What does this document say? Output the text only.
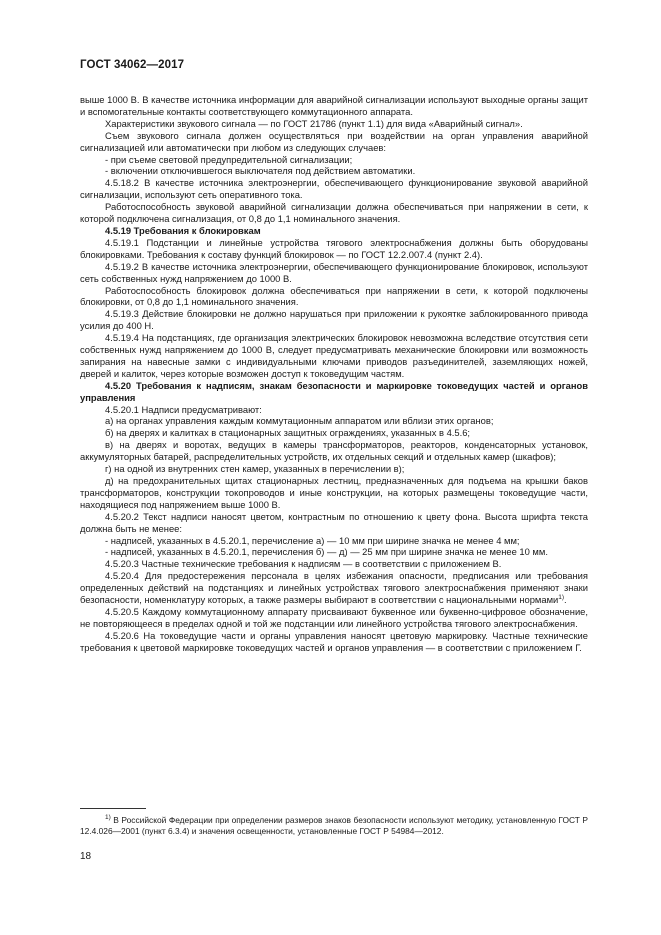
ГОСТ 34062—2017

выше 1000 В. В качестве источника информации для аварийной сигнализации используют выходные органы защит и вспомогательные контакты соответствующего коммутационного аппарата.

Характеристики звукового сигнала — по ГОСТ 21786 (пункт 1.1) для вида «Аварийный сигнал».

Съем звукового сигнала должен осуществляться при воздействии на орган управления аварийной сигнализацией или автоматически при любом из следующих случаев:

- при съеме световой предупредительной сигнализации;

- включении отключившегося выключателя под действием автоматики.

4.5.18.2 В качестве источника электроэнергии, обеспечивающего функционирование звуковой аварийной сигнализации, используют сеть оперативного тока.

Работоспособность звуковой аварийной сигнализации должна обеспечиваться при напряжении в сети, к которой подключена сигнализация, от 0,8 до 1,1 номинального значения.

4.5.19 Требования к блокировкам

4.5.19.1 Подстанции и линейные устройства тягового электроснабжения должны быть оборудованы блокировками. Требования к составу функций блокировок — по ГОСТ 12.2.007.4 (пункт 2.4).

4.5.19.2 В качестве источника электроэнергии, обеспечивающего функционирование блокировок, используют сеть собственных нужд напряжением до 1000 В.

Работоспособность блокировок должна обеспечиваться при напряжении в сети, к которой подключены блокировки, от 0,8 до 1,1 номинального значения.

4.5.19.3 Действие блокировки не должно нарушаться при приложении к рукоятке заблокированного привода усилия до 400 Н.

4.5.19.4 На подстанциях, где организация электрических блокировок невозможна вследствие отсутствия сети собственных нужд напряжением до 1000 В, следует предусматривать механические блокировки или возможность запирания на навесные замки с индивидуальными ключами приводов разъединителей, заземляющих ножей, дверей и калиток, через которые возможен доступ к токоведущим частям.

4.5.20 Требования к надписям, знакам безопасности и маркировке токоведущих частей и органов управления

4.5.20.1 Надписи предусматривают:

а) на органах управления каждым коммутационным аппаратом или вблизи этих органов;

б) на дверях и калитках в стационарных защитных ограждениях, указанных в 4.5.6;

в) на дверях и воротах, ведущих в камеры трансформаторов, реакторов, конденсаторных установок, аккумуляторных батарей, распределительных устройств, их отдельных секций и отдельных камер (шкафов);

г) на одной из внутренних стен камер, указанных в перечислении в);

д) на предохранительных щитах стационарных лестниц, предназначенных для подъема на крышки баков трансформаторов, конструкции токопроводов и иные конструкции, на которых размещены токоведущие части, находящиеся под напряжением выше 1000 В.

4.5.20.2 Текст надписи наносят цветом, контрастным по отношению к цвету фона. Высота шрифта текста должна быть не менее:

- надписей, указанных в 4.5.20.1, перечисление а) — 10 мм при ширине значка не менее 4 мм;

- надписей, указанных в 4.5.20.1, перечисления б) — д) — 25 мм при ширине значка не менее 10 мм.

4.5.20.3 Частные технические требования к надписям — в соответствии с приложением В.

4.5.20.4 Для предостережения персонала в целях избежания опасности, предписания или требования определенных действий на подстанциях и линейных устройствах тягового электроснабжения применяют знаки безопасности, номенклатуру которых, а также размеры выбирают в соответствии с национальными нормами$^{1)}$.

4.5.20.5 Каждому коммутационному аппарату присваивают буквенное или буквенно-цифровое обозначение, не повторяющееся в пределах одной и той же подстанции или линейного устройства тягового электроснабжения.

4.5.20.6 На токоведущие части и органы управления наносят цветовую маркировку. Частные технические требования к цветовой маркировке токоведущих частей и органов управления — в соответствии с приложением Г.

$^{1)}$ В Российской Федерации при определении размеров знаков безопасности используют методику, установленную ГОСТ Р 12.4.026—2001 (пункт 6.3.4) и значения освещенности, установленные ГОСТ Р 54984—2012.
18
